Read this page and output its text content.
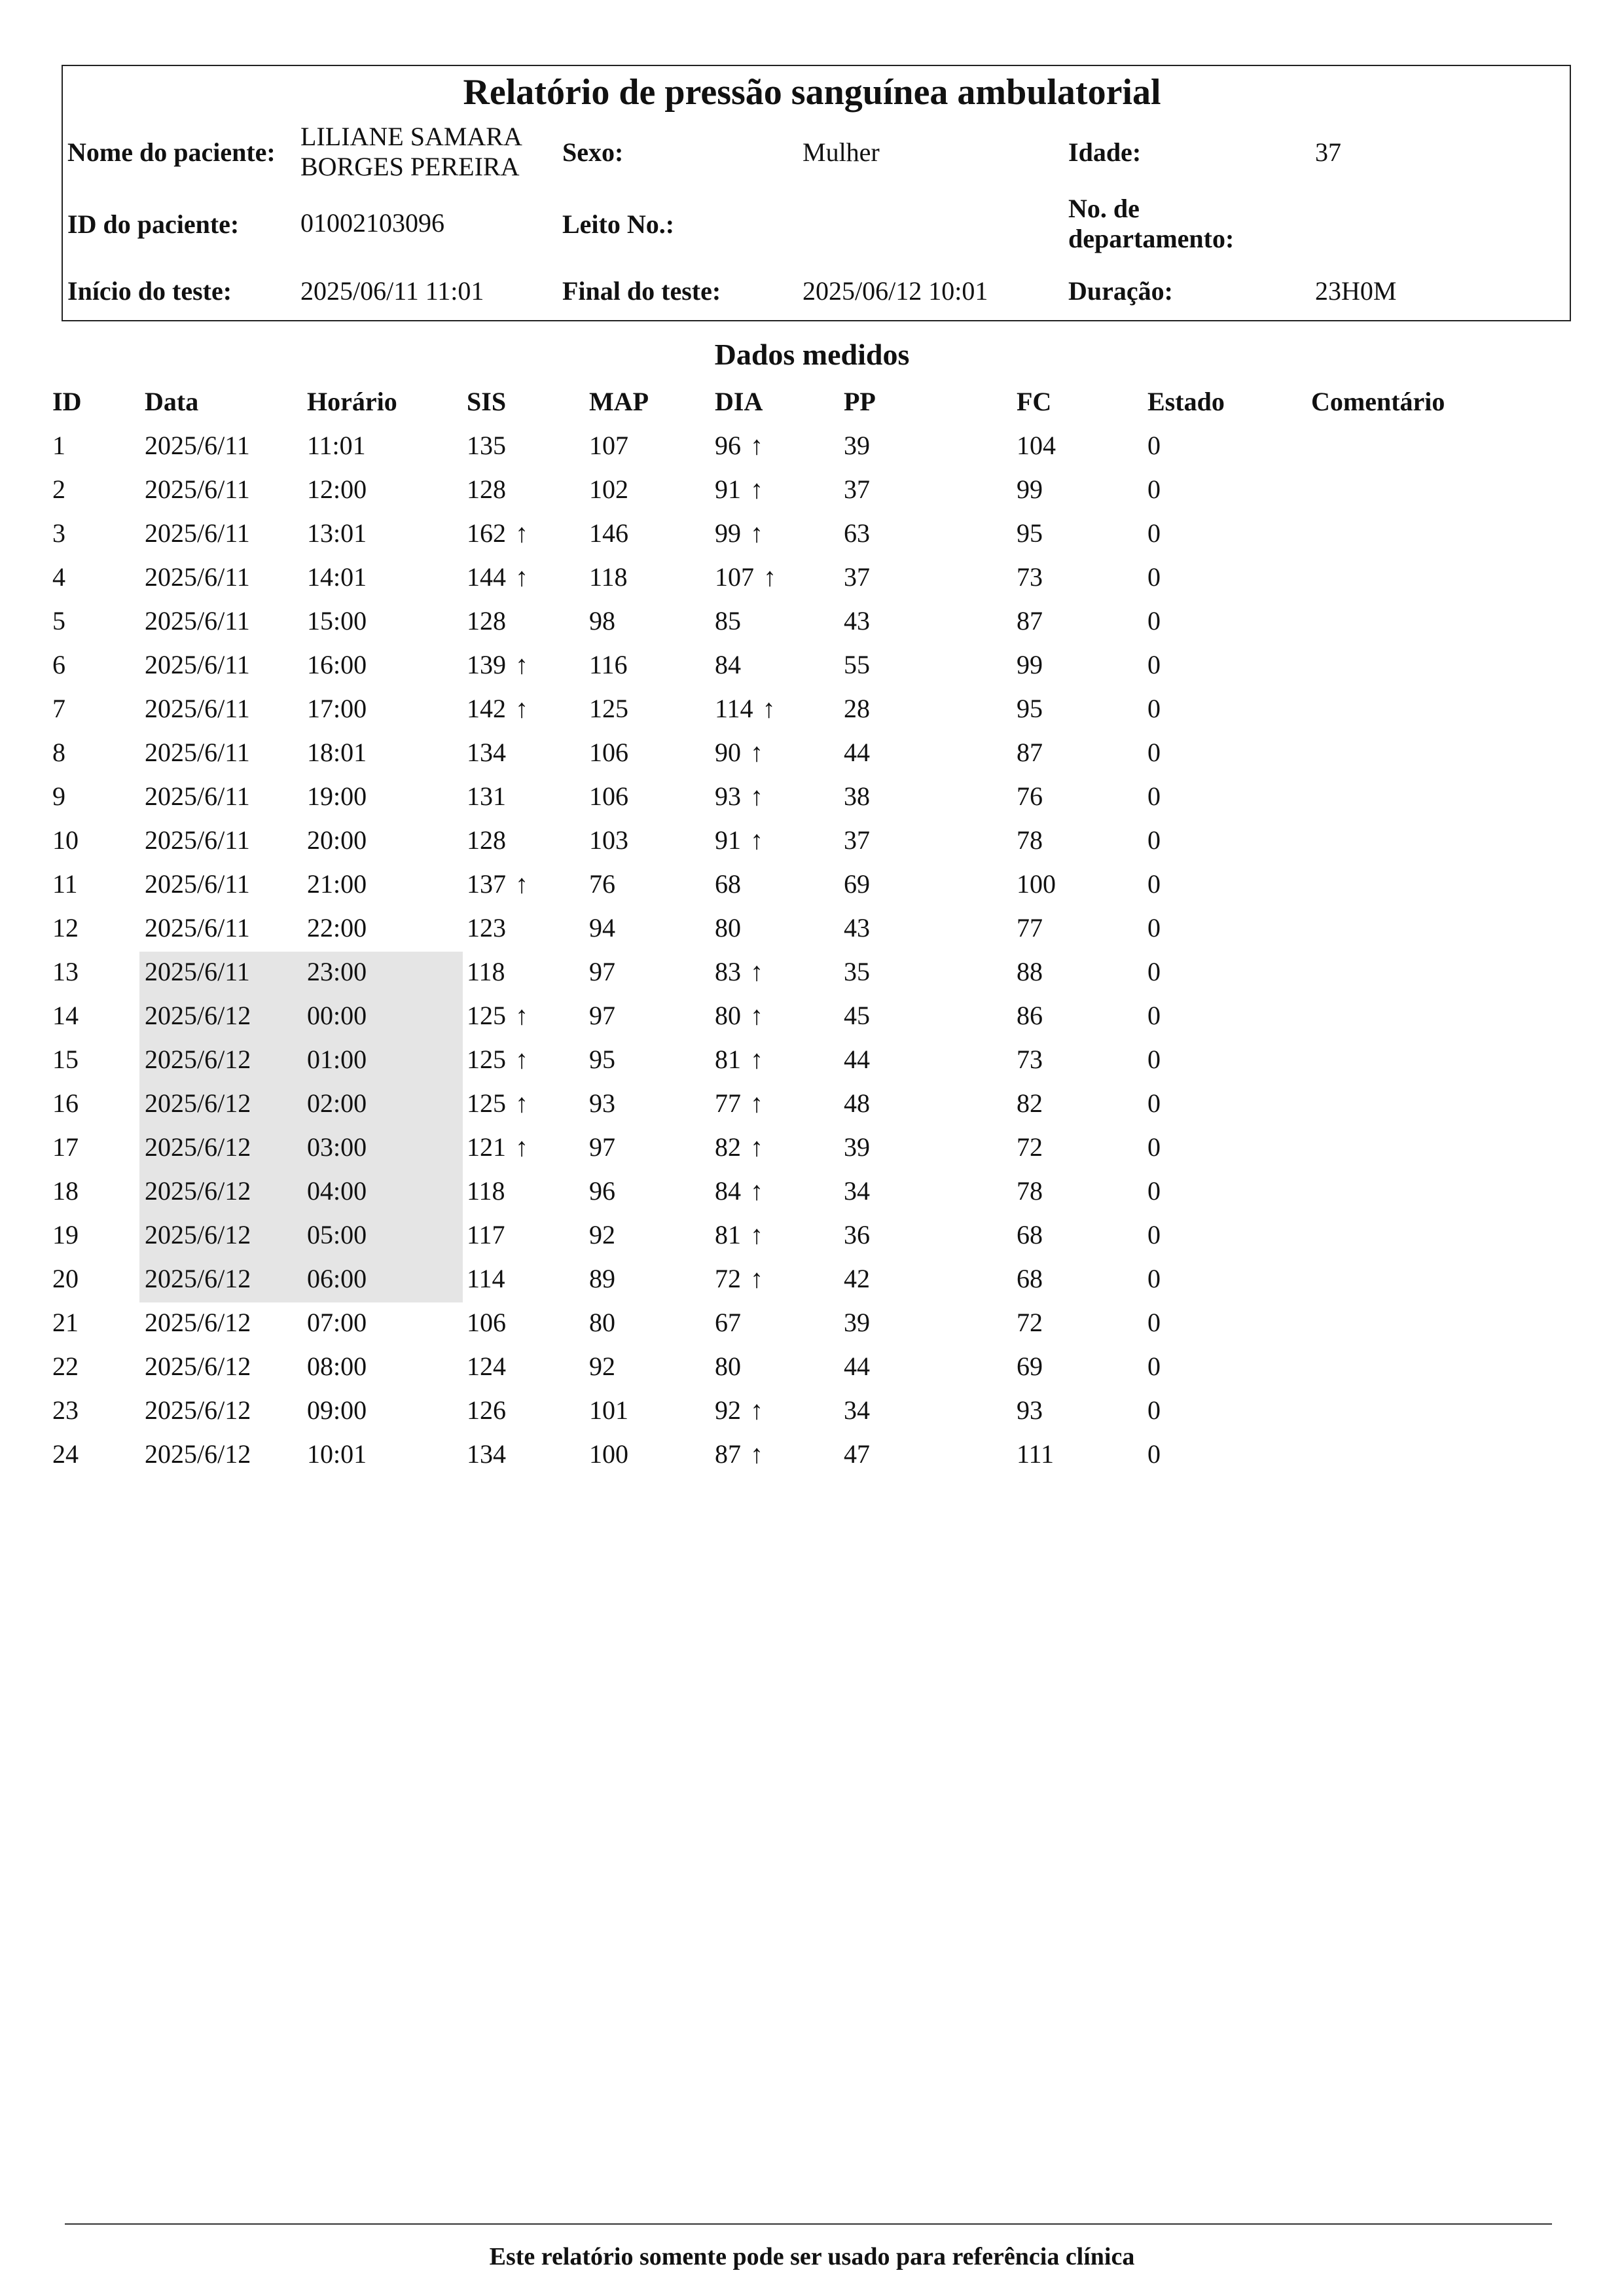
Relatório de pressão sanguínea ambulatorial
Nome do paciente:
LILIANE SAMARA
BORGES PEREIRA Sexo:	Mulher	Idade:	37
ID do paciente: 01002103096	Leito No.:
No. de
departamento:
Início do teste:	2025/06/11 11:01	Final do teste:	2025/06/12 10:01	Duração:	23H0M
Dados medidos
ID Data	Horário	SIS	MAP	DIA	PP	FC	Estado	Comentário
1	2025/6/11 11:01	135	107	96 ↑	39	104	0
2	2025/6/11 12:00	128	102	91 ↑	37	99	0
3	2025/6/11 13:01	162 ↑ 146	99 ↑	63	95	0
4	2025/6/11 14:01	144 ↑ 118	107 ↑	37	73	0
5	2025/6/11 15:00	128	98	85	43	87	0
6	2025/6/11 16:00	139 ↑ 116	84	55	99	0
7	2025/6/11 17:00	142 ↑ 125	114 ↑	28	95	0
8	2025/6/11 18:01	134	106	90 ↑	44	87	0
9	2025/6/11 19:00	131	106	93 ↑	38	76	0
10	2025/6/11 20:00	128	103	91 ↑	37	78	0
11	2025/6/11 21:00	137 ↑ 76	68	69	100	0
12	2025/6/11 22:00	123	94	80	43	77	0
13	2025/6/11 23:00	118	97	83 ↑	35	88	0
14	2025/6/12 00:00	125 ↑ 97	80 ↑	45	86	0
15	2025/6/12 01:00	125 ↑ 95	81 ↑	44	73	0
16	2025/6/12 02:00	125 ↑ 93	77 ↑	48	82	0
17	2025/6/12 03:00	121 ↑ 97	82 ↑	39	72	0
18	2025/6/12 04:00	118	96	84 ↑	34	78	0
19	2025/6/12 05:00	117	92	81 ↑	36	68	0
20	2025/6/12 06:00	114	89	72 ↑	42	68	0
21	2025/6/12 07:00	106	80	67	39	72	0
22	2025/6/12 08:00	124	92	80	44	69	0
23	2025/6/12 09:00	126	101	92 ↑	34	93	0
24	2025/6/12 10:01	134	100	87 ↑	47	111	0
Este relatório somente pode ser usado para referência clínica
